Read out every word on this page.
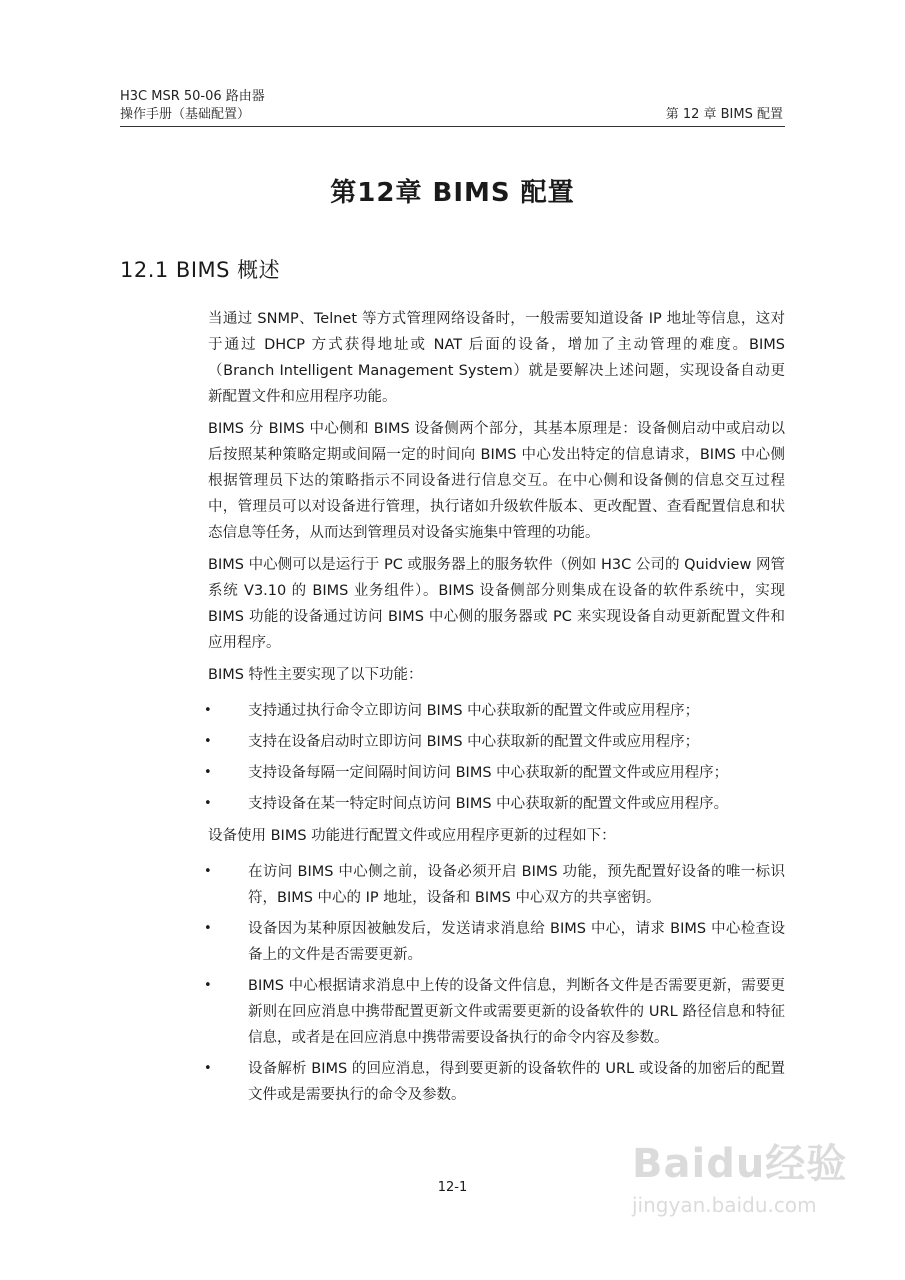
H3C MSR 50-06 路由器
操作手册（基础配置）	第 12 章 BIMS 配置
第12章 BIMS 配置
12.1 BIMS 概述

当通过 SNMP、Telnet 等方式管理网络设备时，一般需要知道设备 IP 地址等信息，这对于通过 DHCP 方式获得地址或 NAT 后面的设备，增加了主动管理的难度。BIMS（Branch Intelligent Management System）就是要解决上述问题，实现设备自动更新配置文件和应用程序功能。

BIMS 分 BIMS 中心侧和 BIMS 设备侧两个部分，其基本原理是：设备侧启动中或启动以后按照某种策略定期或间隔一定的时间向 BIMS 中心发出特定的信息请求，BIMS 中心侧根据管理员下达的策略指示不同设备进行信息交互。在中心侧和设备侧的信息交互过程中，管理员可以对设备进行管理，执行诸如升级软件版本、更改配置、查看配置信息和状态信息等任务，从而达到管理员对设备实施集中管理的功能。

BIMS 中心侧可以是运行于 PC 或服务器上的服务软件（例如 H3C 公司的 Quidview 网管系统 V3.10 的 BIMS 业务组件）。BIMS 设备侧部分则集成在设备的软件系统中，实现 BIMS 功能的设备通过访问 BIMS 中心侧的服务器或 PC 来实现设备自动更新配置文件和应用程序。

BIMS 特性主要实现了以下功能：

•	支持通过执行命令立即访问 BIMS 中心获取新的配置文件或应用程序；
•	支持在设备启动时立即访问 BIMS 中心获取新的配置文件或应用程序；
•	支持设备每隔一定间隔时间访问 BIMS 中心获取新的配置文件或应用程序；
•	支持设备在某一特定时间点访问 BIMS 中心获取新的配置文件或应用程序。

设备使用 BIMS 功能进行配置文件或应用程序更新的过程如下：

•	在访问 BIMS 中心侧之前，设备必须开启 BIMS 功能，预先配置好设备的唯一标识符，BIMS 中心的 IP 地址，设备和 BIMS 中心双方的共享密钥。
•	设备因为某种原因被触发后，发送请求消息给 BIMS 中心，请求 BIMS 中心检查设备上的文件是否需要更新。
•	BIMS 中心根据请求消息中上传的设备文件信息，判断各文件是否需要更新，需要更新则在回应消息中携带配置更新文件或需要更新的设备软件的 URL 路径信息和特征信息，或者是在回应消息中携带需要设备执行的命令内容及参数。
•	设备解析 BIMS 的回应消息，得到要更新的设备软件的 URL 或设备的加密后的配置文件或是需要执行的命令及参数。
12-1
Baidu经验
jingyan.baidu.com
